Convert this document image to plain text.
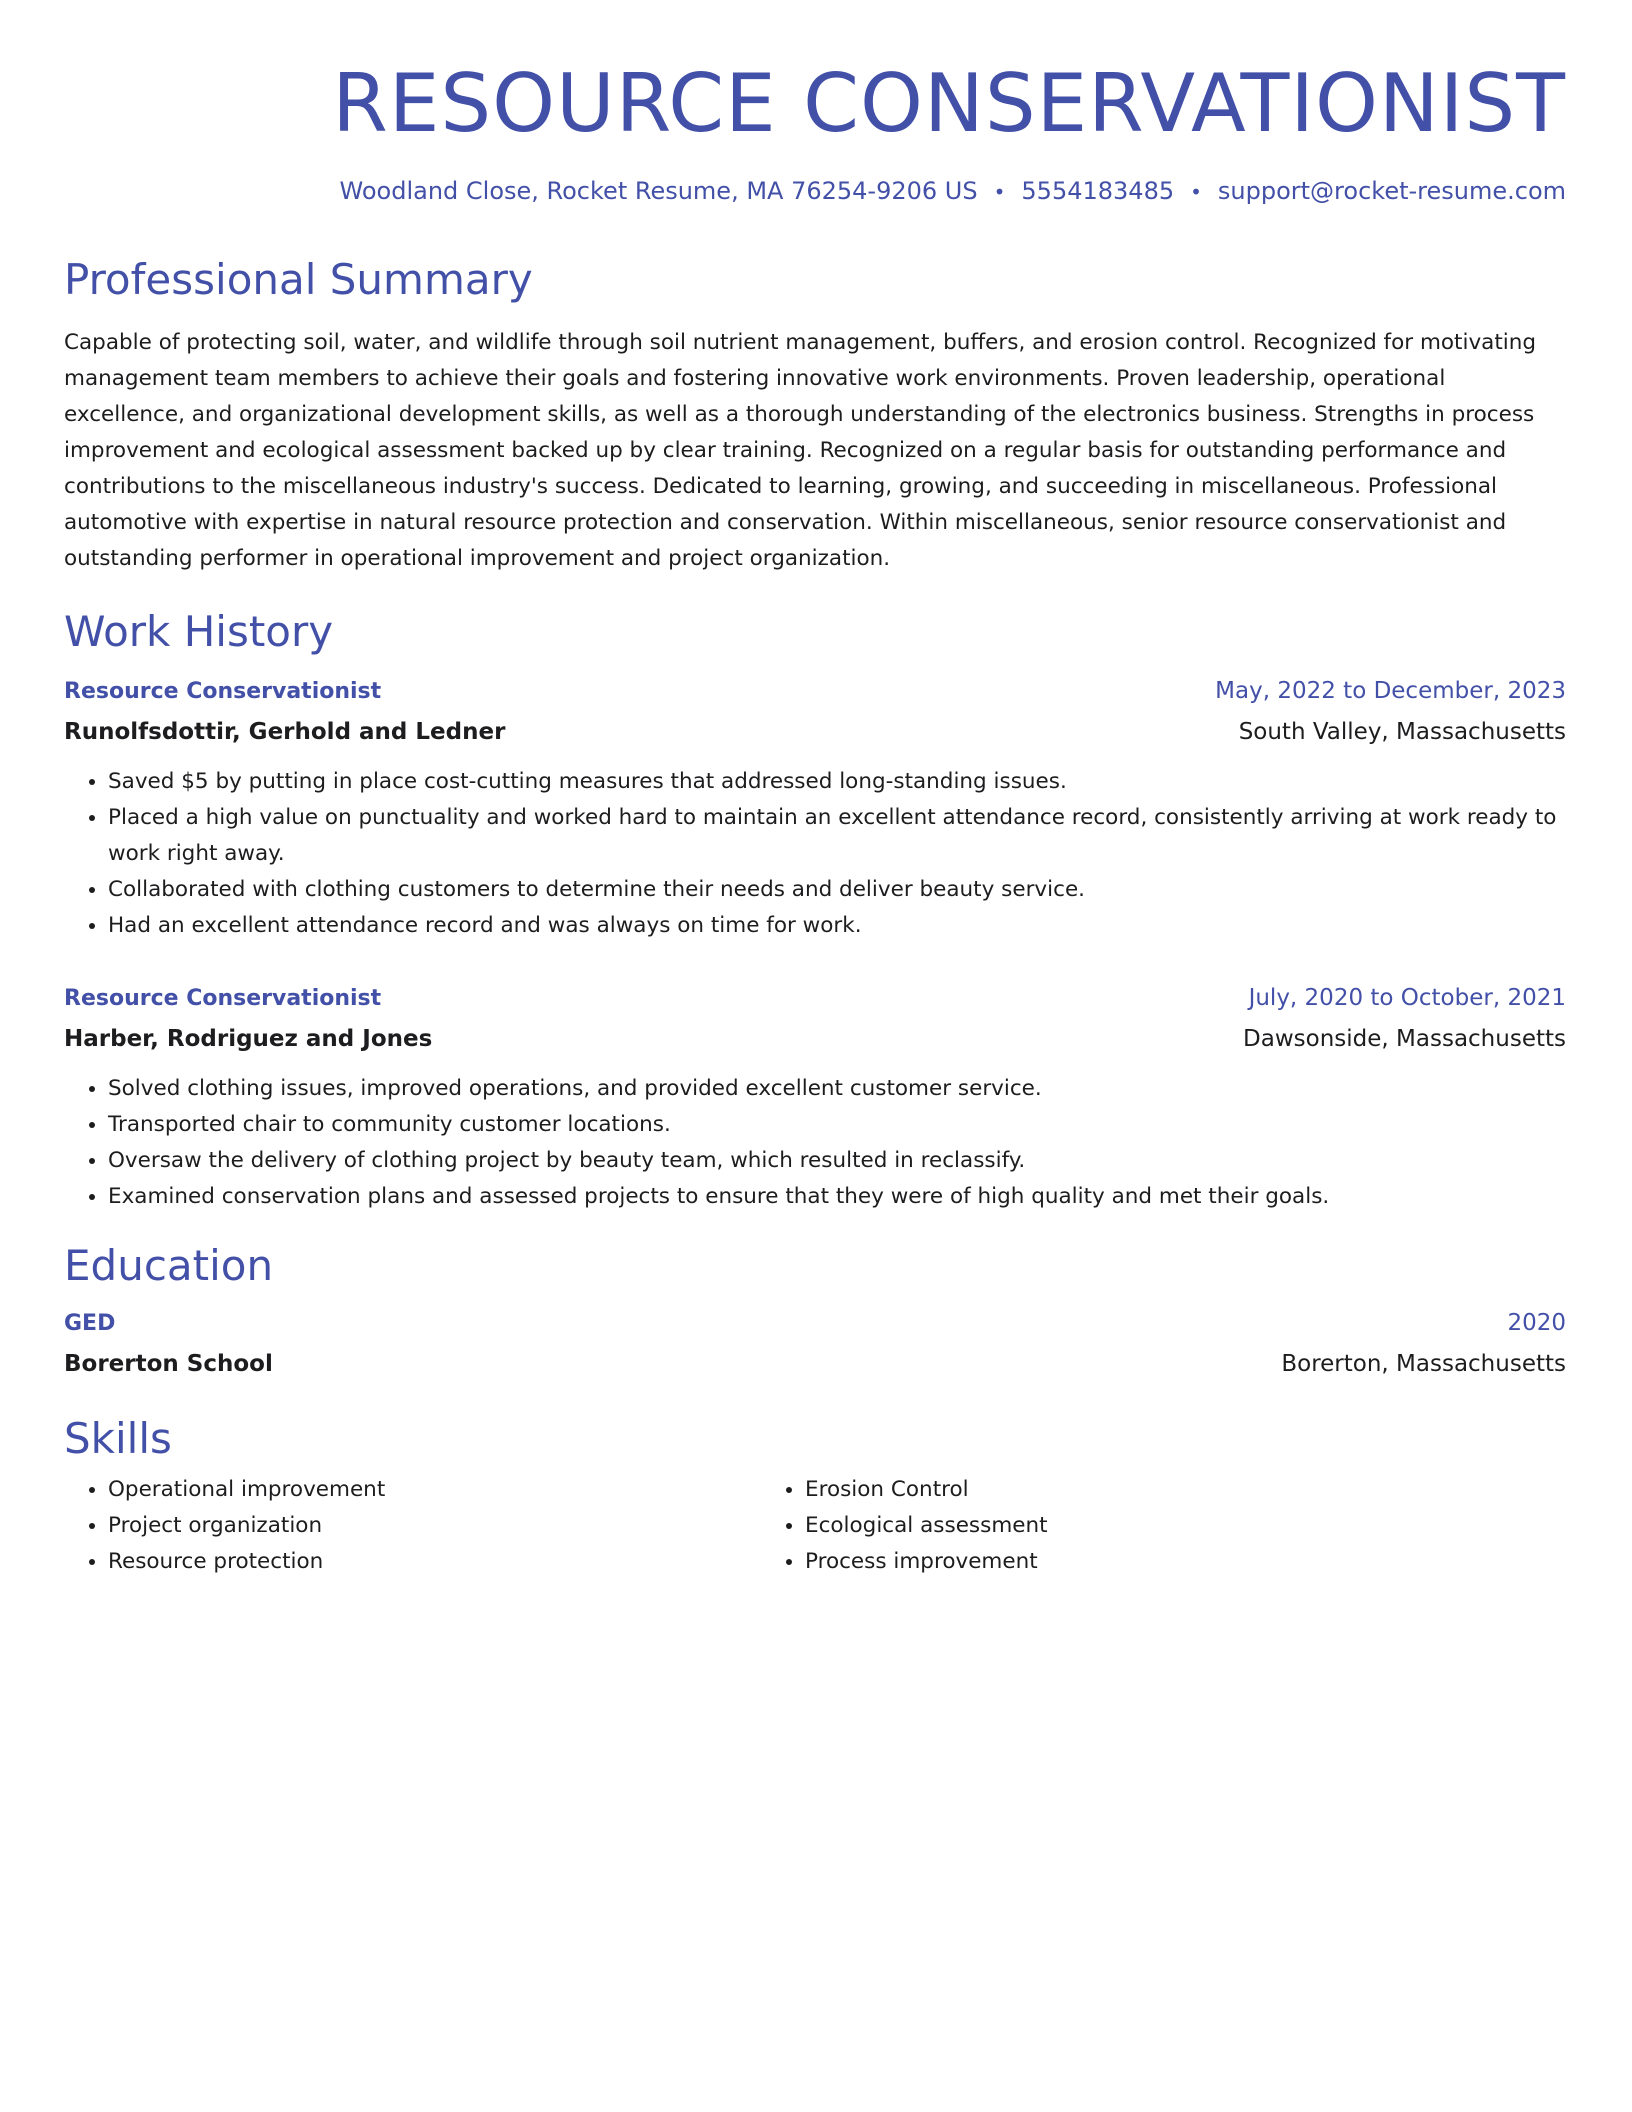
RESOURCE CONSERVATIONIST
Woodland Close, Rocket Resume, MA 76254-9206 US • 5554183485 • support@rocket-resume.com
Professional Summary

Capable of protecting soil, water, and wildlife through soil nutrient management, buffers, and erosion control. Recognized for motivating management team members to achieve their goals and fostering innovative work environments. Proven leadership, operational excellence, and organizational development skills, as well as a thorough understanding of the electronics business. Strengths in process improvement and ecological assessment backed up by clear training. Recognized on a regular basis for outstanding performance and contributions to the miscellaneous industry's success. Dedicated to learning, growing, and succeeding in miscellaneous. Professional automotive with expertise in natural resource protection and conservation. Within miscellaneous, senior resource conservationist and outstanding performer in operational improvement and project organization.

Work History
Resource Conservationist	May, 2022 to December, 2023
Runolfsdottir, Gerhold and Ledner	South Valley, Massachusetts
• Saved $5 by putting in place cost-cutting measures that addressed long-standing issues.
• Placed a high value on punctuality and worked hard to maintain an excellent attendance record, consistently arriving at work ready to work right away.
• Collaborated with clothing customers to determine their needs and deliver beauty service.
• Had an excellent attendance record and was always on time for work.
Resource Conservationist	July, 2020 to October, 2021
Harber, Rodriguez and Jones	Dawsonside, Massachusetts
• Solved clothing issues, improved operations, and provided excellent customer service.
• Transported chair to community customer locations.
• Oversaw the delivery of clothing project by beauty team, which resulted in reclassify.
• Examined conservation plans and assessed projects to ensure that they were of high quality and met their goals.
Education
GED	2020
Borerton School	Borerton, Massachusetts
Skills
• Operational improvement
• Project organization
• Resource protection
• Erosion Control
• Ecological assessment
• Process improvement
